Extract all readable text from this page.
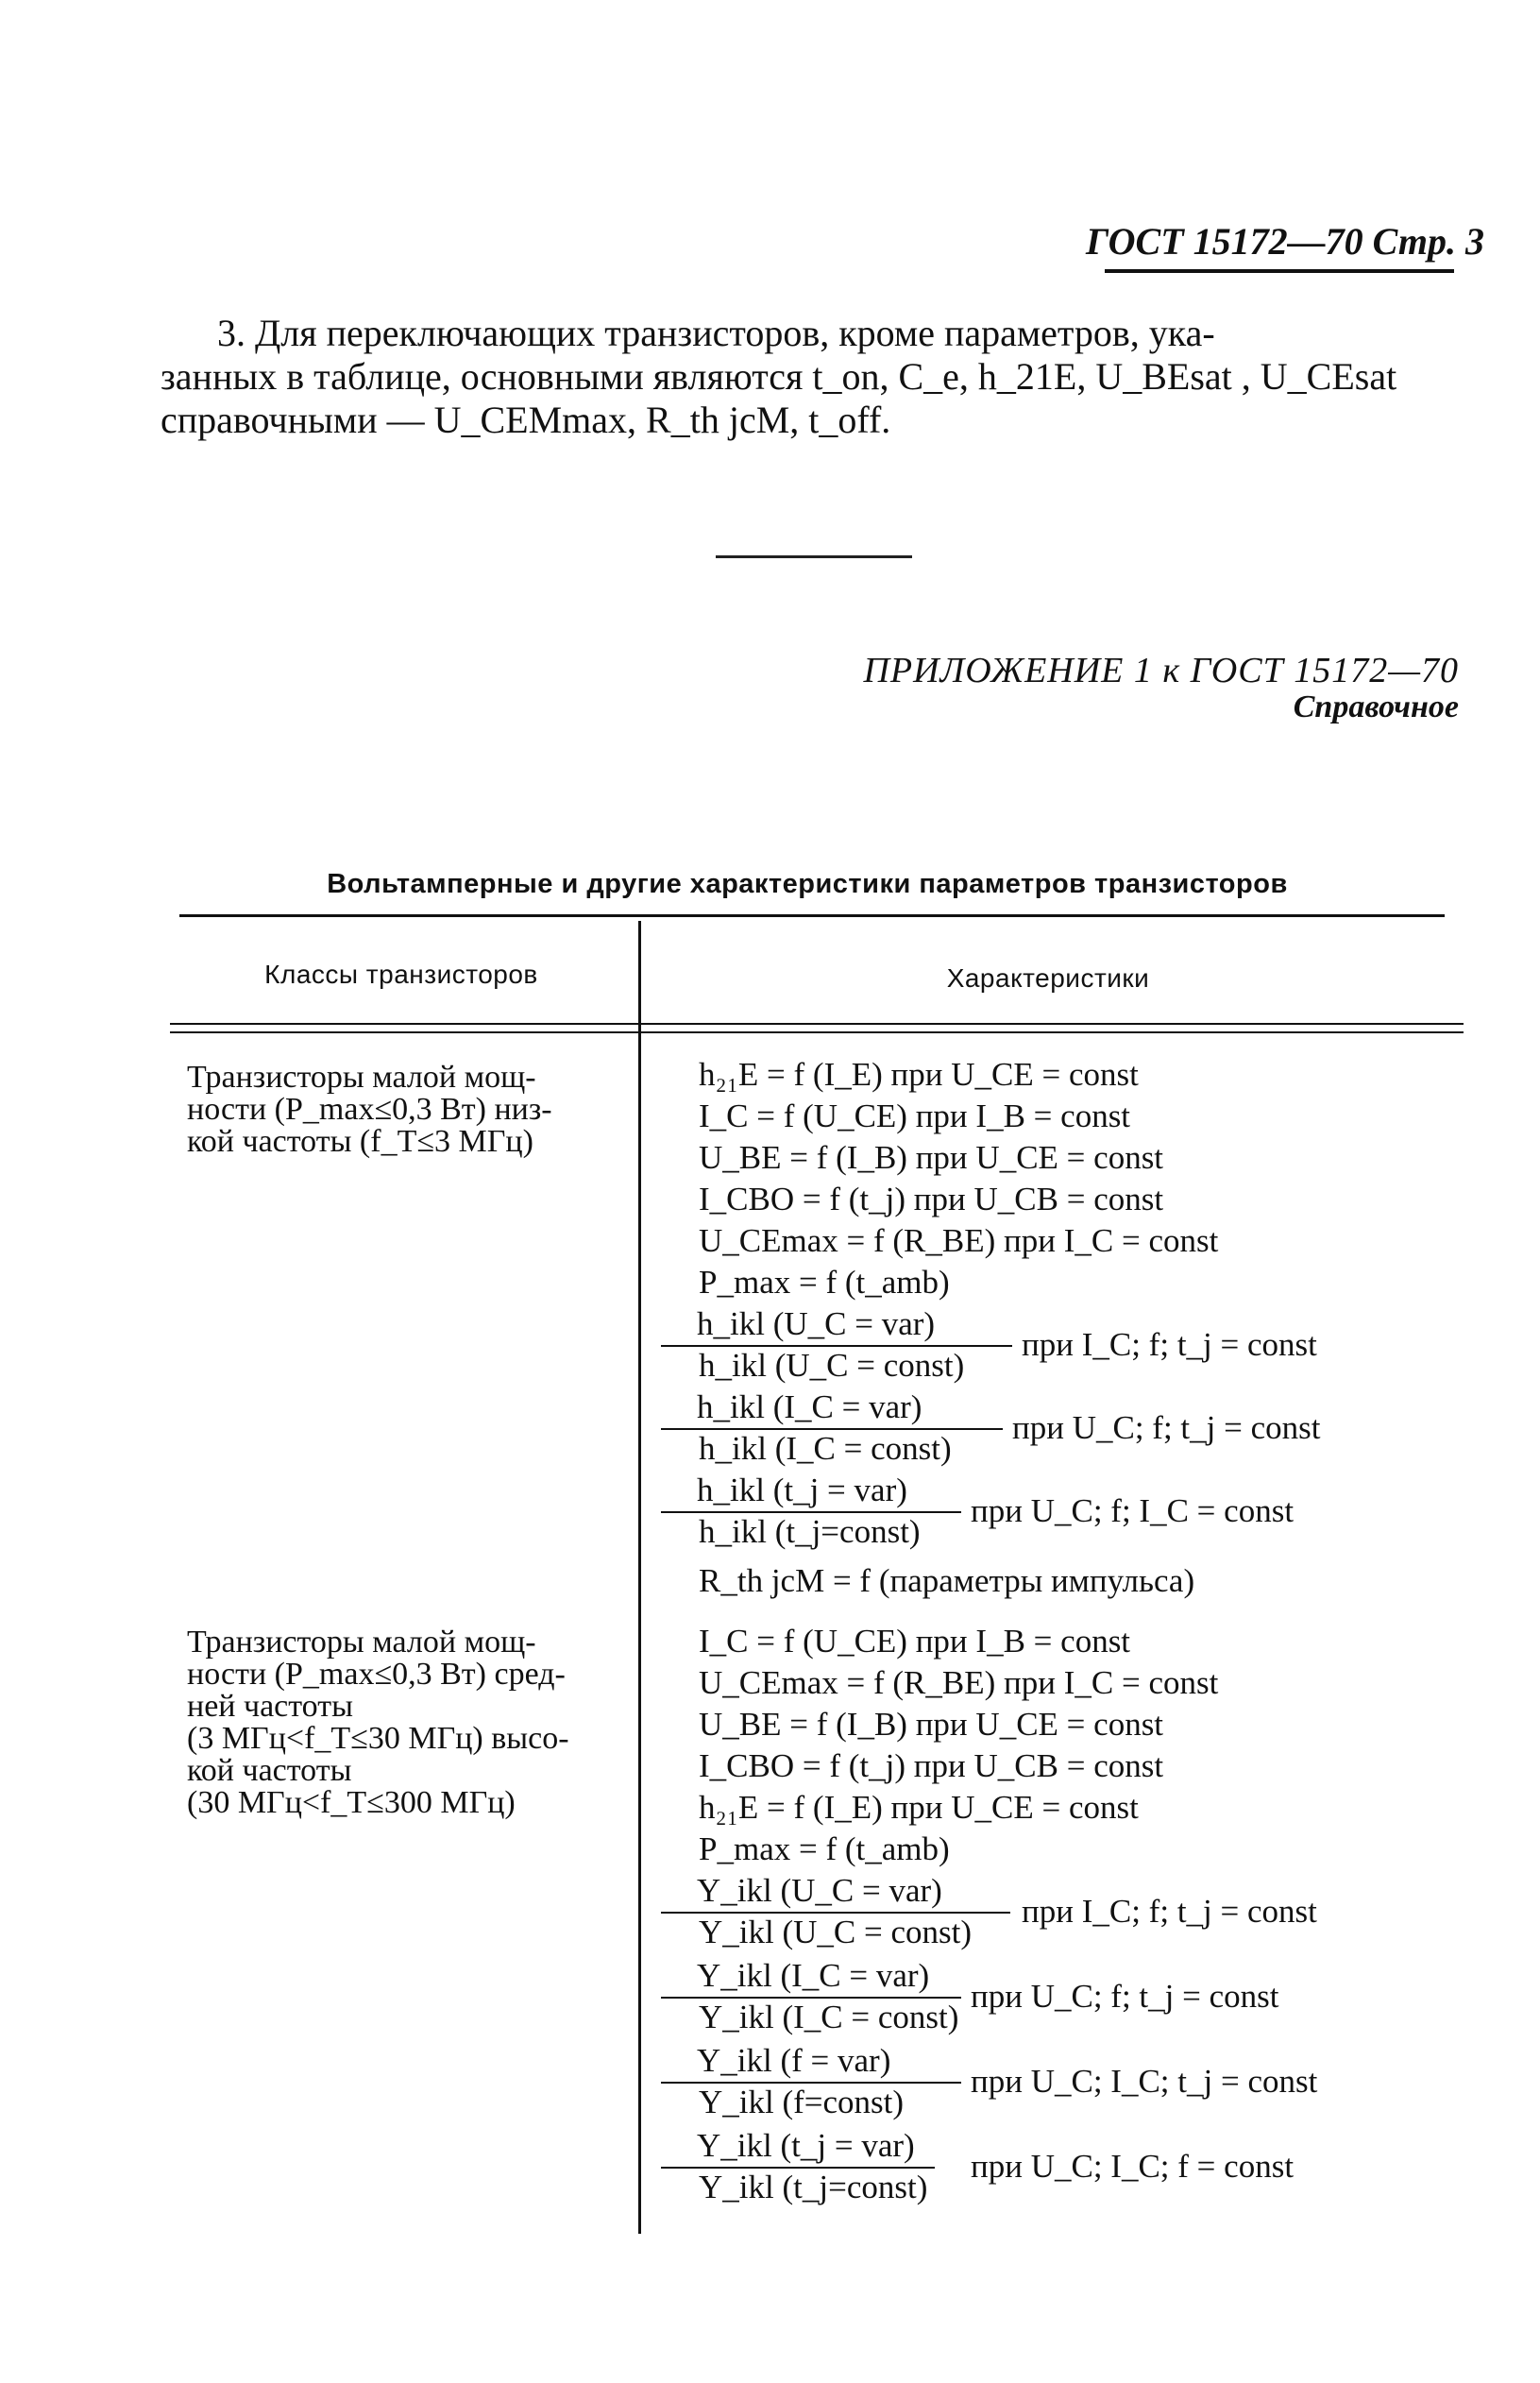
ГОСТ 15172—70 Стр. 3
3. Для переключающих транзисторов, кроме параметров, ука-
занных в таблице, основными являются t_on, C_e, h_21E, U_BEsat , U_CEsat
справочными — U_CEMmax, R_th jcM, t_off.
ПРИЛОЖЕНИЕ 1 к ГОСТ 15172—70
Справочное
Вольтамперные и другие характеристики параметров транзисторов
Классы транзисторов	Характеристики
Транзисторы малой мощ-
ности (P_max≤0,3 Вт) низ-
кой частоты (f_T≤3 МГц)
h₂₁E = f (I_E) при U_CE = const
I_C = f (U_CE) при I_B = const
U_BE = f (I_B) при U_CE = const
I_CBO = f (t_j) при U_CB = const
U_CEmax = f (R_BE) при I_C = const
P_max = f (t_amb)
h_ikl (U_C = var)
h_ikl (U_C = const)
при I_C; f; t_j = const
h_ikl (I_C = var)
h_ikl (I_C = const)
при U_C; f; t_j = const
h_ikl (t_j = var)
h_ikl (t_j=const)
при U_C; f; I_C = const
R_th jcM = f (параметры импульса)
Транзисторы малой мощ-
ности (P_max≤0,3 Вт) сред-
ней частоты
(3 МГц<f_T≤30 МГц) высо-
кой частоты
(30 МГц<f_T≤300 МГц)
I_C = f (U_CE) при I_B = const
U_CEmax = f (R_BE) при I_C = const
U_BE = f (I_B) при U_CE = const
I_CBO = f (t_j) при U_CB = const
h₂₁E = f (I_E) при U_CE = const
P_max = f (t_amb)
Y_ikl (U_C = var)
Y_ikl (U_C = const)
при I_C; f; t_j = const
Y_ikl (I_C = var)
Y_ikl (I_C = const)
при U_C; f; t_j = const
Y_ikl (f = var)
Y_ikl (f=const)
при U_C; I_C; t_j = const
Y_ikl (t_j = var)
Y_ikl (t_j=const)
при U_C; I_C; f = const
